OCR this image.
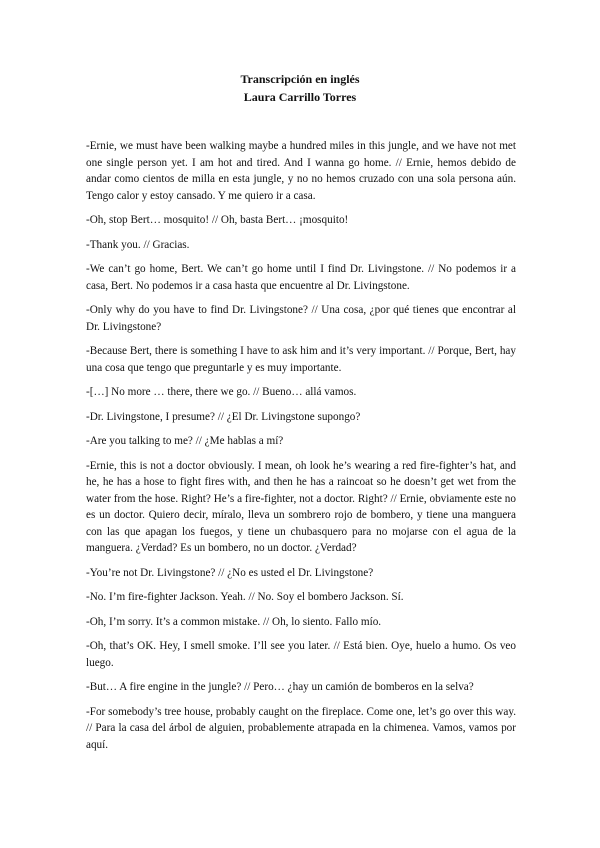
Transcripción en inglés
Laura Carrillo Torres

-Ernie, we must have been walking maybe a hundred miles in this jungle, and we have not met one single person yet. I am hot and tired. And I wanna go home. // Ernie, hemos debido de andar como cientos de milla en esta jungle, y no no hemos cruzado con una sola persona aún. Tengo calor y estoy cansado. Y me quiero ir a casa.

-Oh, stop Bert… mosquito! // Oh, basta Bert… ¡mosquito!

-Thank you. // Gracias.

-We can’t go home, Bert. We can’t go home until I find Dr. Livingstone. // No podemos ir a casa, Bert. No podemos ir a casa hasta que encuentre al Dr. Livingstone.

-Only why do you have to find Dr. Livingstone? // Una cosa, ¿por qué tienes que encontrar al Dr. Livingstone?

-Because Bert, there is something I have to ask him and it’s very important. // Porque, Bert, hay una cosa que tengo que preguntarle y es muy importante.

-[…] No more … there, there we go. // Bueno… allá vamos.

-Dr. Livingstone, I presume? // ¿El Dr. Livingstone supongo?

-Are you talking to me? // ¿Me hablas a mí?

-Ernie, this is not a doctor obviously. I mean, oh look he’s wearing a red fire-fighter’s hat, and he, he has a hose to fight fires with, and then he has a raincoat so he doesn’t get wet from the water from the hose. Right? He’s a fire-fighter, not a doctor. Right? // Ernie, obviamente este no es un doctor. Quiero decir, míralo, lleva un sombrero rojo de bombero, y tiene una manguera con las que apagan los fuegos, y tiene un chubasquero para no mojarse con el agua de la manguera. ¿Verdad? Es un bombero, no un doctor. ¿Verdad?

-You’re not Dr. Livingstone? // ¿No es usted el Dr. Livingstone?

-No. I’m fire-fighter Jackson. Yeah. // No. Soy el bombero Jackson. Sí.

-Oh, I’m sorry. It’s a common mistake. // Oh, lo siento. Fallo mío.

-Oh, that’s OK. Hey, I smell smoke. I’ll see you later. // Está bien. Oye, huelo a humo. Os veo luego.

-But… A fire engine in the jungle? // Pero… ¿hay un camión de bomberos en la selva?

-For somebody’s tree house, probably caught on the fireplace. Come one, let’s go over this way. // Para la casa del árbol de alguien, probablemente atrapada en la chimenea. Vamos, vamos por aquí.
